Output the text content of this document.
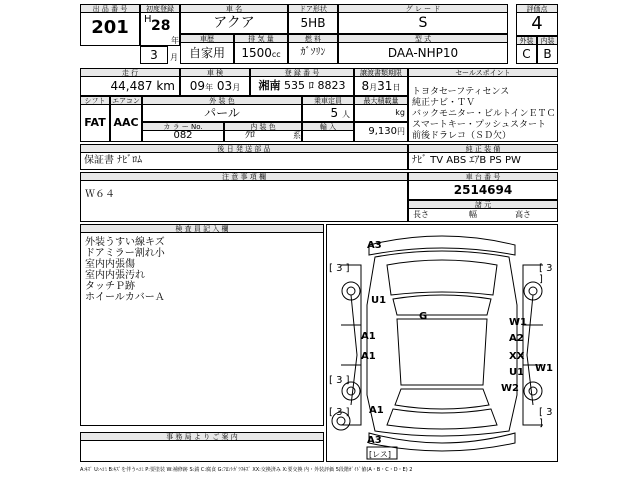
出 品 番 号
201
初度登録
H 28
年
車 名
アクア
ドア形状
5HB
グ レ ー ド
S
評価点
4
3	月
車歴
自家用
排 気 量
1500cc
燃 料
ｶﾞｿﾘﾝ
型 式
DAA-NHP10
外装	内装
C	B
走 行
44,487 km
車 検
09年 03月
登 録 番 号
湘南 535 ﾛ 8823
譲渡書類期限
8月31日
セールスポイント
トヨタセーフティセンス
純正ナビ・ＴＶ
バックモニター・ビルトインＥＴＣ
スマートキー・プッシュスタート
前後ドラレコ（ＳＤ欠）
シフト エアコン
FAT AAC
外 装 色
パール
乗車定員
5 人
最大積載量
kg
カ ラ ー No.
082
内 装 色
ｸﾛ	系
輸 入	9,130円
後 日 発 送 部 品
保証書 ﾅﾋﾞﾛﾑ
純 正 装 備
ﾅﾋﾞ TV ABS ｴｱB PS PW
注 意 事 項 欄
Ｗ６４
車 台 番 号
2514694
諸 元
長さ	幅	高さ
検 査 員 記 入 欄
外装うすい線キズ
ドアミラー割れ小
室内内張傷
室内内張汚れ
タッチＰ跡
ホイールカバーＡ
事 務 局 よ り ご 案 内
A3
[ 3 ]	[ 3 ]
U1
G
W1
A1	A2
A1	XX
U1 W1
[ 3 ]
W2
[ 3 ] A1	[ 3 ]
A3
[レス]
A:ｷｽﾞ U:ﾍｺﾐ B:ｷｽﾞを伴うﾍｺﾐ P:要塗装 W:補修跡 S:錆 C:腐食 G:ﾌﾛﾝﾄｶﾞﾗｽｷｽﾞ XX:交換済み X:要交換 内・外装評価 5段階ｶﾞｲﾄﾞ値(A・B・C・D・E) 2
